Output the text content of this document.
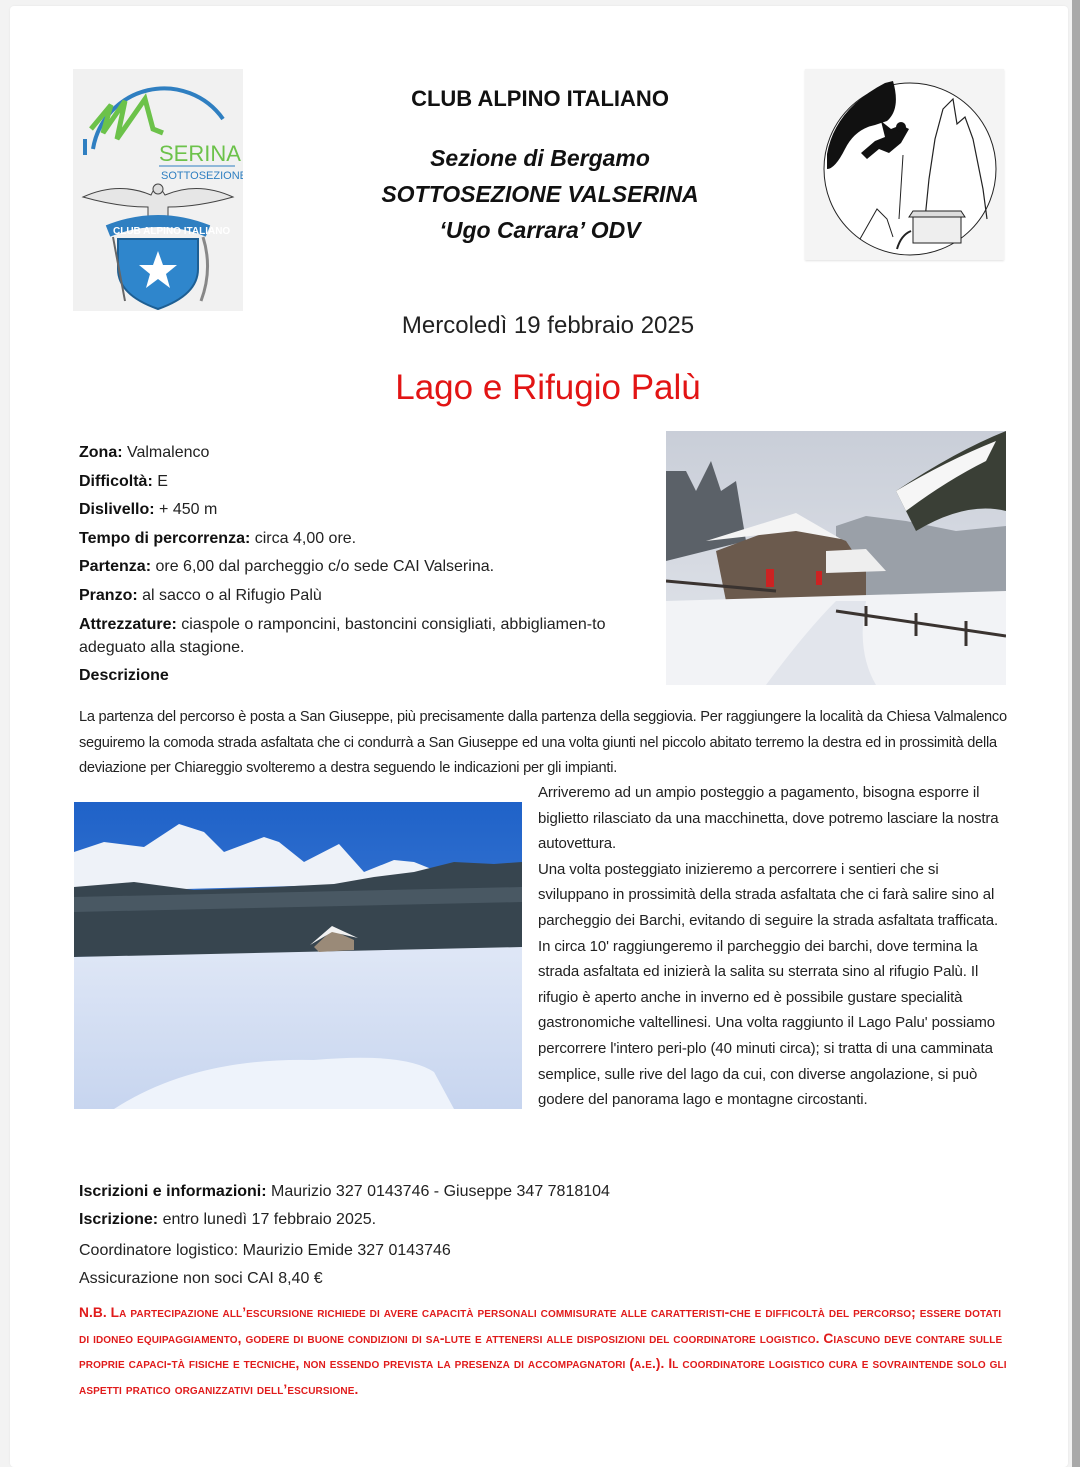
SERINA
SOTTOSEZIONE
CLUB ALPINO ITALIANO

CLUB ALPINO ITALIANO

Sezione di Bergamo

SOTTOSEZIONE VALSERINA

‘Ugo Carrara’ ODV

Mercoledì 19 febbraio 2025
Lago e Rifugio Palù
Zona: Valmalenco
Difficoltà: E
Dislivello: + 450 m
Tempo di percorrenza: circa 4,00 ore.
Partenza: ore 6,00 dal parcheggio c/o sede CAI Valserina.
Pranzo: al sacco o al Rifugio Palù
Attrezzature: ciaspole o ramponcini, bastoncini consigliati, abbigliamen-to adeguato alla stagione.
Descrizione
La partenza del percorso è posta a San Giuseppe, più precisamente dalla partenza della seggiovia. Per raggiungere la località da Chiesa Valmalenco seguiremo la comoda strada asfaltata che ci condurrà a San Giuseppe ed una volta giunti nel piccolo abitato terremo la destra ed in prossimità della deviazione per Chiareggio svolteremo a destra seguendo le indicazioni per gli impianti.
Arriveremo ad un ampio posteggio a pagamento, bisogna esporre il biglietto rilasciato da una macchinetta, dove potremo lasciare la nostra autovettura.
Una volta posteggiato inizieremo a percorrere i sentieri che si sviluppano in prossimità della strada asfaltata che ci farà salire sino al parcheggio dei Barchi, evitando di seguire la strada asfaltata trafficata. In circa 10' raggiungeremo il parcheggio dei barchi, dove termina la strada asfaltata ed inizierà la salita su sterrata sino al rifugio Palù. Il rifugio è aperto anche in inverno ed è possibile gustare specialità gastronomiche valtellinesi. Una volta raggiunto il Lago Palu' possiamo percorrere l'intero peri-plo (40 minuti circa); si tratta di una camminata semplice, sulle rive del lago da cui, con diverse angolazione, si può godere del panorama lago e montagne circostanti.
Iscrizioni e informazioni: Maurizio 327 0143746 - Giuseppe 347 7818104
Iscrizione: entro lunedì 17 febbraio 2025.
Coordinatore logistico: Maurizio Emide 327 0143746
Assicurazione non soci CAI 8,40 €
N.B. La partecipazione all’escursione richiede di avere capacità personali commisurate alle caratteristi-che e difficoltà del percorso; essere dotati di idoneo equipaggiamento, godere di buone condizioni di sa-lute e attenersi alle disposizioni del coordinatore logistico. Ciascuno deve contare sulle proprie capaci-tà fisiche e tecniche, non essendo prevista la presenza di accompagnatori (a.e.). Il coordinatore logistico cura e sovraintende solo gli aspetti pratico organizzativi dell’escursione.
